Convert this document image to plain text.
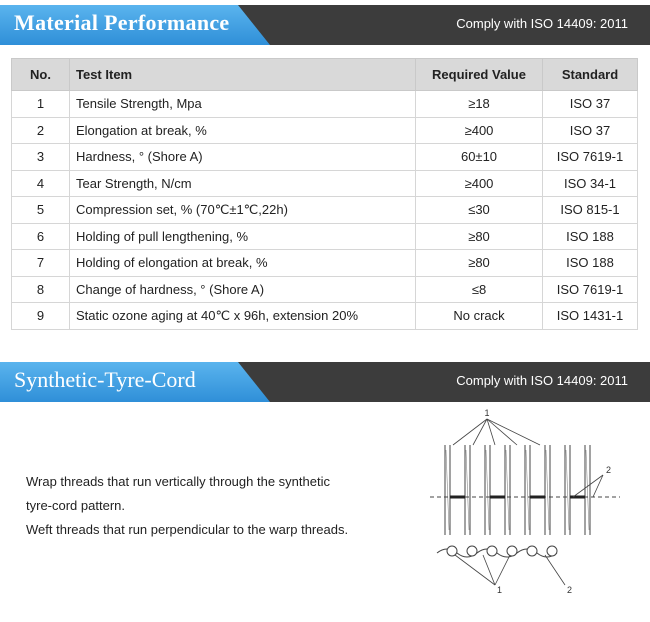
Material Performance	Comply with ISO 14409: 2011
No.	Test Item	Required Value	Standard
1	Tensile Strength, Mpa	≥18	ISO 37
2	Elongation at break, %	≥400	ISO 37
3	Hardness, ° (Shore A)	60±10	ISO 7619-1
4	Tear Strength, N/cm	≥400	ISO 34-1
5	Compression set, % (70℃±1℃,22h)	≤30	ISO 815-1
6	Holding of pull lengthening, %	≥80	ISO 188
7	Holding of elongation at break, %	≥80	ISO 188
8	Change of hardness, ° (Shore A)	≤8	ISO 7619-1
9	Static ozone aging at 40℃ x 96h, extension 20%	No crack	ISO 1431-1
Synthetic-Tyre-Cord	Comply with ISO 14409: 2011
Wrap threads that run vertically through the synthetic
tyre-cord pattern.
Weft threads that run perpendicular to the warp threads.
1
2
1	2
